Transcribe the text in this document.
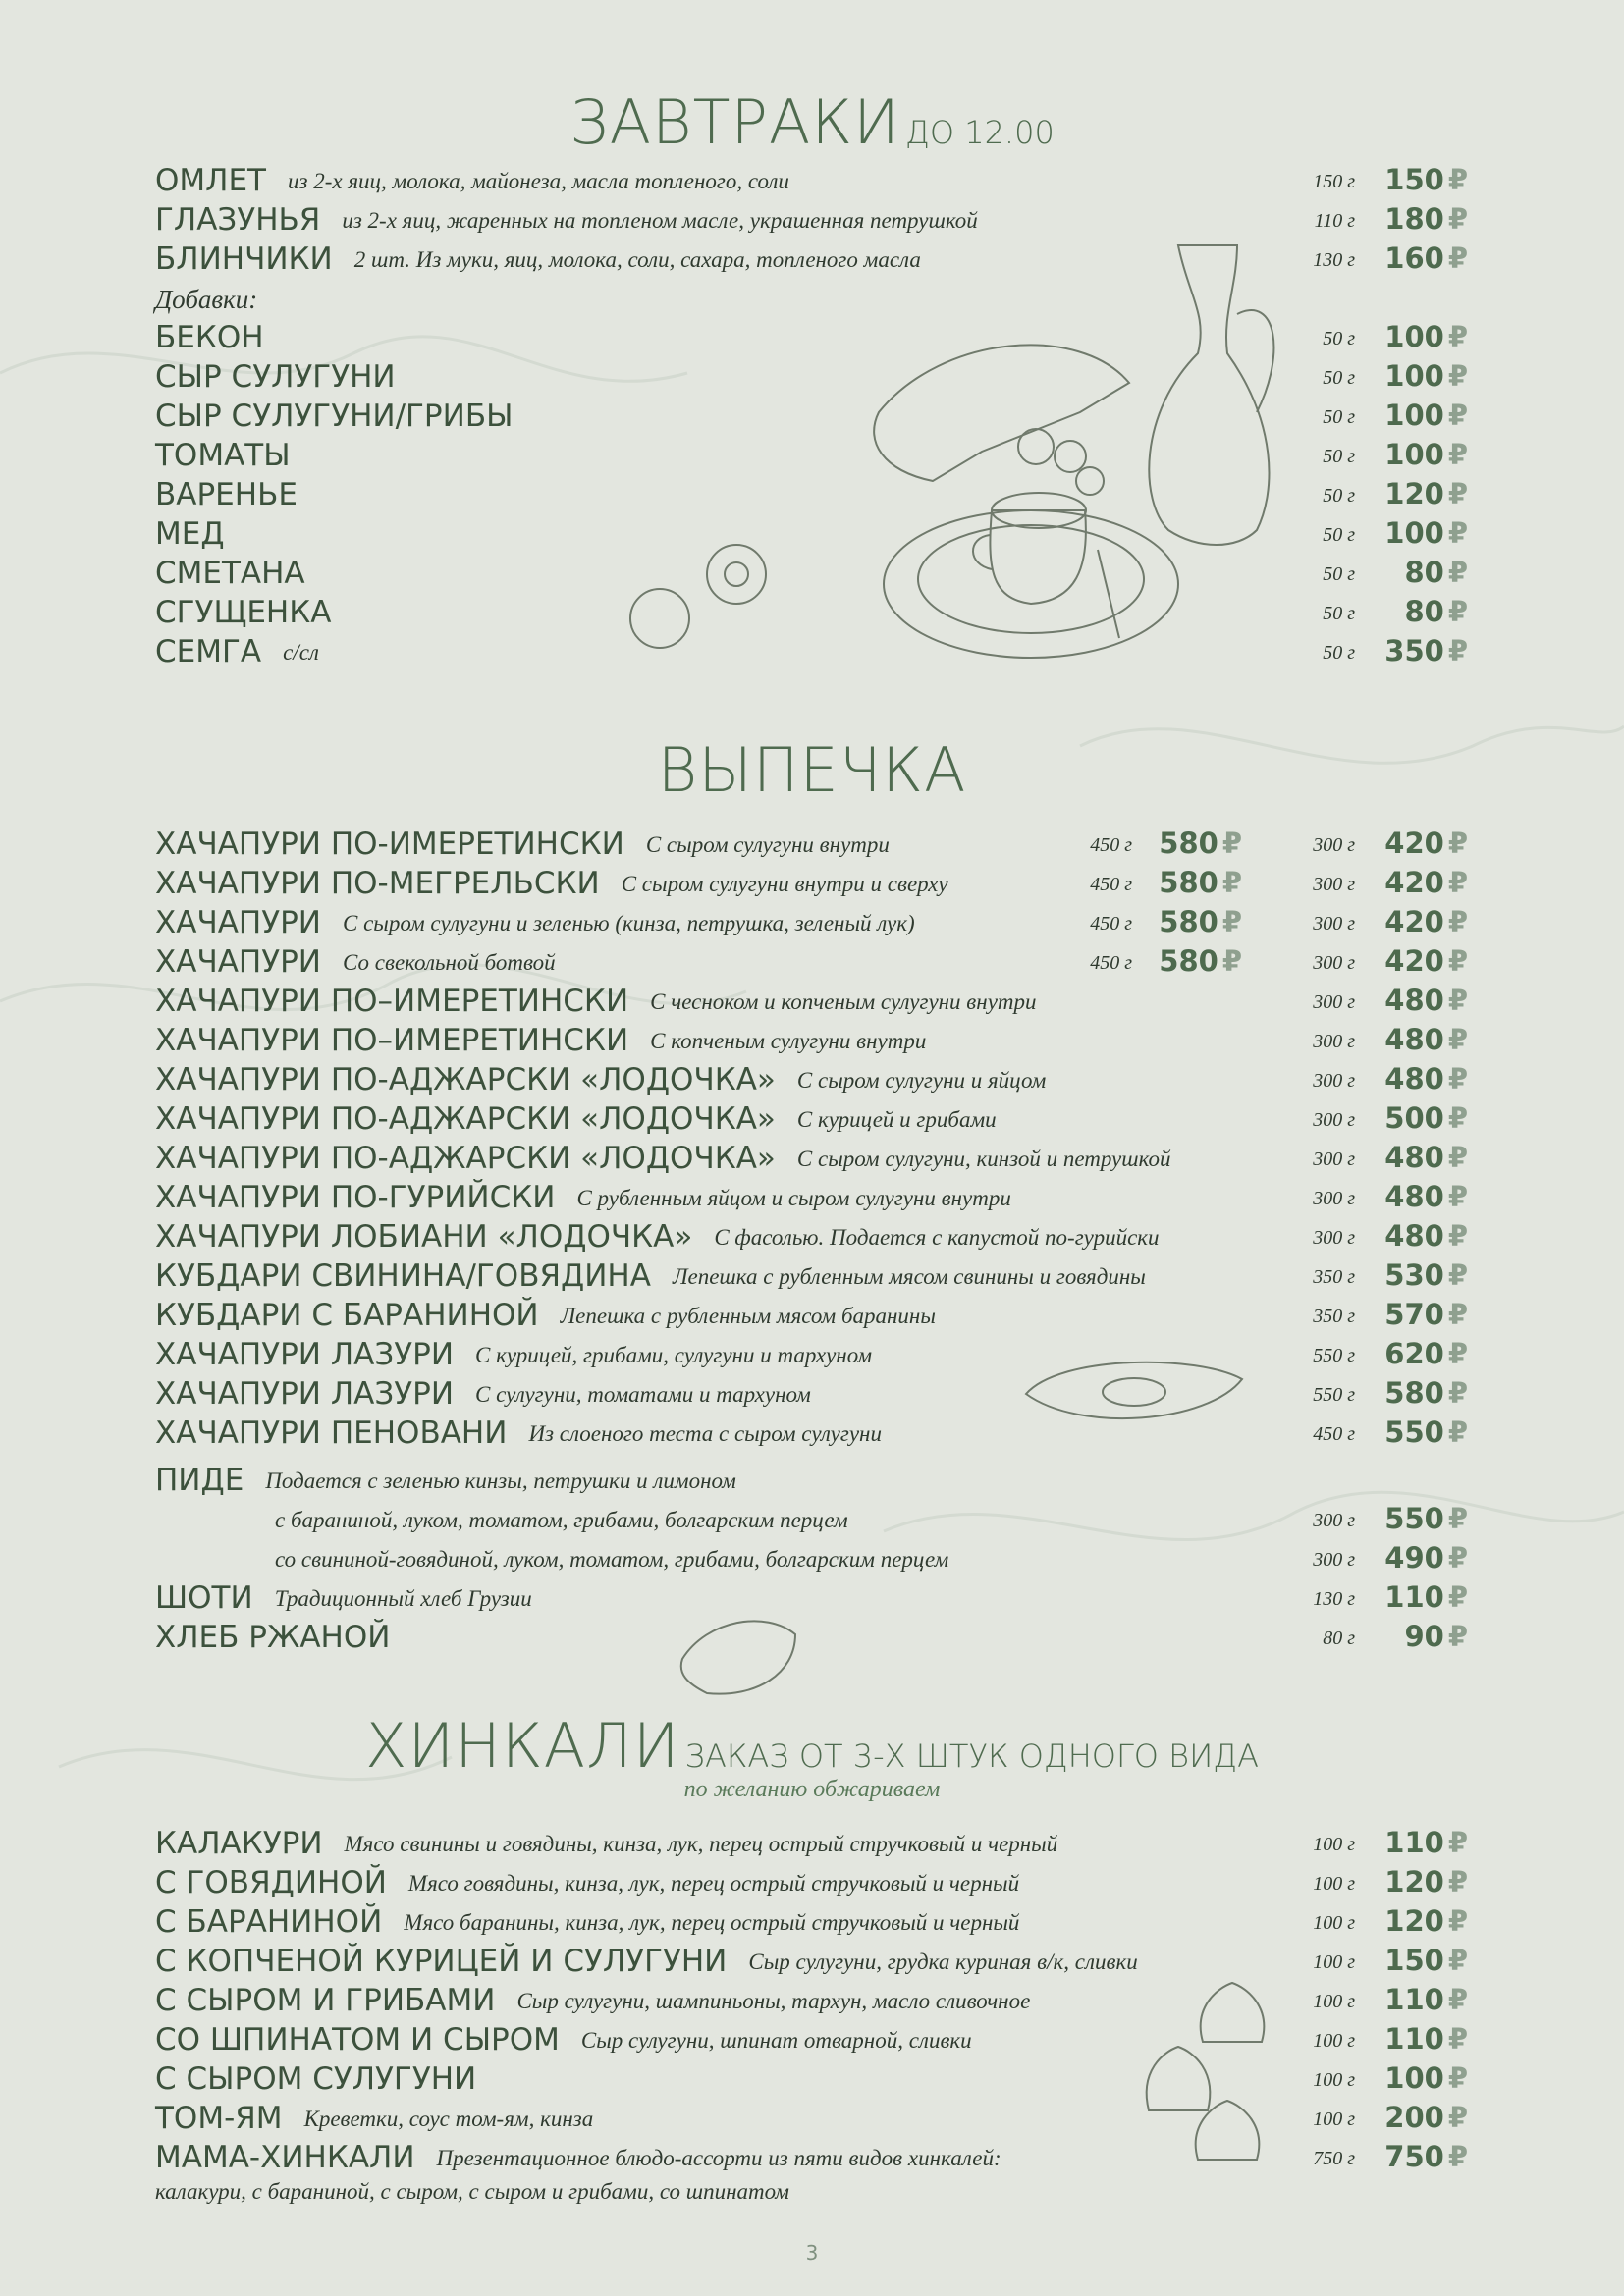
ЗАВТРАКИ ДО 12.00
ОМЛЕТ из 2-х яиц, молока, майонеза, масла топленого, соли	150 г	150 ₽
ГЛАЗУНЬЯ из 2-х яиц, жаренных на топленом масле, украшенная петрушкой	110 г	180 ₽
БЛИНЧИКИ 2 шт. Из муки, яиц, молока, соли, сахара, топленого масла	130 г	160 ₽
Добавки:
БЕКОН	50 г	100 ₽
СЫР СУЛУГУНИ	50 г	100 ₽
СЫР СУЛУГУНИ/ГРИБЫ	50 г	100 ₽
ТОМАТЫ	50 г	100 ₽
ВАРЕНЬЕ	50 г	120 ₽
МЕД	50 г	100 ₽
СМЕТАНА	50 г	80 ₽
СГУЩЕНКА	50 г	80 ₽
СЕМГА с/сл	50 г	350 ₽
ВЫПЕЧКА
ХАЧАПУРИ ПО-ИМЕРЕТИНСКИ С сыром сулугуни внутри	450 г 580 ₽	300 г	420 ₽
ХАЧАПУРИ ПО-МЕГРЕЛЬСКИ С сыром сулугуни внутри и сверху	450 г 580 ₽	300 г	420 ₽
ХАЧАПУРИ С сыром сулугуни и зеленью (кинза, петрушка, зеленый лук)	450 г 580 ₽	300 г	420 ₽
ХАЧАПУРИ Со свекольной ботвой	450 г 580 ₽	300 г	420 ₽
ХАЧАПУРИ ПО–ИМЕРЕТИНСКИ С чесноком и копченым сулугуни внутри	300 г	480 ₽
ХАЧАПУРИ ПО–ИМЕРЕТИНСКИ С копченым сулугуни внутри	300 г	480 ₽
ХАЧАПУРИ ПО-АДЖАРСКИ «ЛОДОЧКА» С сыром сулугуни и яйцом	300 г	480 ₽
ХАЧАПУРИ ПО-АДЖАРСКИ «ЛОДОЧКА» С курицей и грибами	300 г	500 ₽
ХАЧАПУРИ ПО-АДЖАРСКИ «ЛОДОЧКА» С сыром сулугуни, кинзой и петрушкой	300 г	480 ₽
ХАЧАПУРИ ПО-ГУРИЙСКИ С рубленным яйцом и сыром сулугуни внутри	300 г	480 ₽
ХАЧАПУРИ ЛОБИАНИ «ЛОДОЧКА» С фасолью. Подается с капустой по-гурийски	300 г	480 ₽
КУБДАРИ СВИНИНА/ГОВЯДИНА Лепешка с рубленным мясом свинины и говядины	350 г	530 ₽
КУБДАРИ С БАРАНИНОЙ Лепешка с рубленным мясом баранины	350 г	570 ₽
ХАЧАПУРИ ЛАЗУРИ С курицей, грибами, сулугуни и тархуном	550 г	620 ₽
ХАЧАПУРИ ЛАЗУРИ С сулугуни, томатами и тархуном	550 г	580 ₽
ХАЧАПУРИ ПЕНОВАНИ Из слоеного теста с сыром сулугуни	450 г	550 ₽
ПИДЕ Подается с зеленью кинзы, петрушки и лимоном
с бараниной, луком, томатом, грибами, болгарским перцем	300 г	550 ₽
со свининой-говядиной, луком, томатом, грибами, болгарским перцем	300 г	490 ₽
ШОТИ Традиционный хлеб Грузии	130 г	110 ₽
ХЛЕБ РЖАНОЙ	80 г	90 ₽
ХИНКАЛИ ЗАКАЗ ОТ 3-Х ШТУК ОДНОГО ВИДА
по желанию обжариваем
КАЛАКУРИ Мясо свинины и говядины, кинза, лук, перец острый стручковый и черный	100 г	110 ₽
С ГОВЯДИНОЙ Мясо говядины, кинза, лук, перец острый стручковый и черный	100 г	120 ₽
С БАРАНИНОЙ Мясо баранины, кинза, лук, перец острый стручковый и черный	100 г	120 ₽
С КОПЧЕНОЙ КУРИЦЕЙ И СУЛУГУНИ Сыр сулугуни, грудка куриная в/к, сливки	100 г	150 ₽
С СЫРОМ И ГРИБАМИ Сыр сулугуни, шампиньоны, тархун, масло сливочное	100 г	110 ₽
СО ШПИНАТОМ И СЫРОМ Сыр сулугуни, шпинат отварной, сливки	100 г	110 ₽
С СЫРОМ СУЛУГУНИ	100 г	100 ₽
ТОМ-ЯМ Креветки, соус том-ям, кинза	100 г	200 ₽
МАМА-ХИНКАЛИ Презентационное блюдо-ассорти из пяти видов хинкалей:	750 г	750 ₽
калакури, с бараниной, с сыром, с сыром и грибами, со шпинатом
3
